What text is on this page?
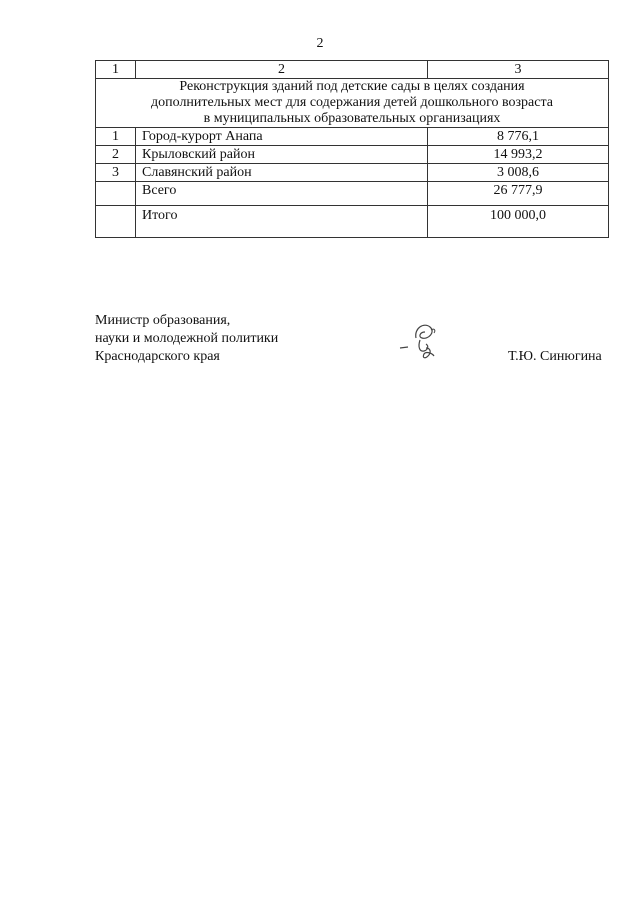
2
1	2	3

Реконструкция зданий под детские сады в целях создания
дополнительных мест для содержания детей дошкольного возраста
в муниципальных образовательных организациях		

1	Город-курорт Анапа	8 776,1
2	Крыловский район	14 993,2
3	Славянский район	3 008,6
	Всего	26 777,9
	Итого	100 000,0
Министр образования,
науки и молодежной политики
Краснодарского края	Т.Ю. Синюгина
